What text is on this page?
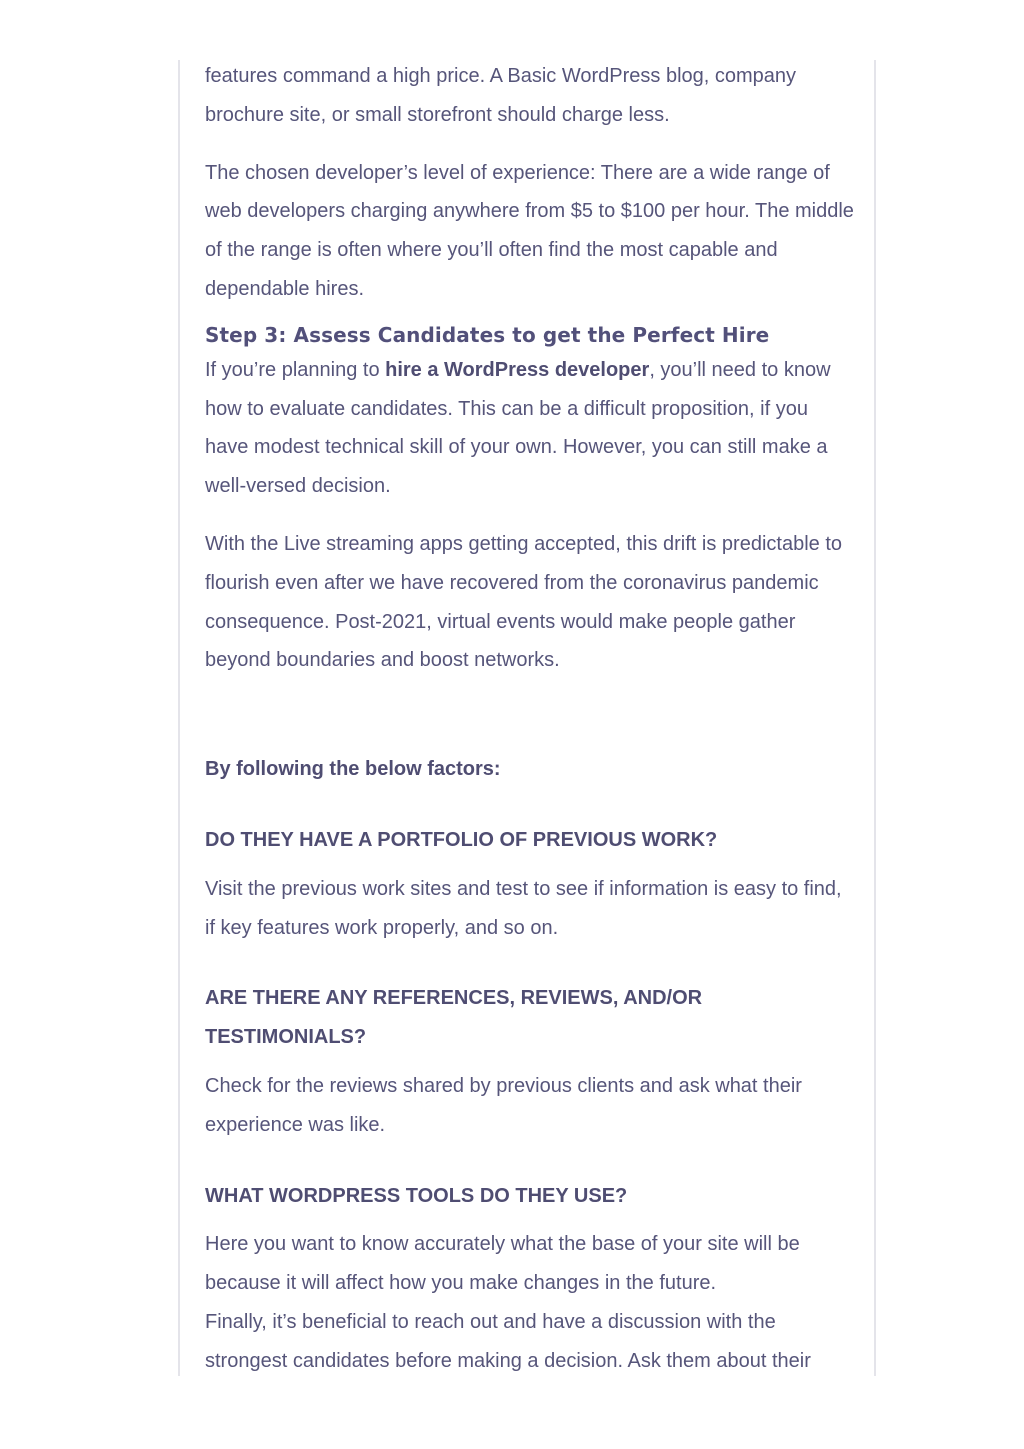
features command a high price. A Basic WordPress blog, company brochure site, or small storefront should charge less.

The chosen developer’s level of experience: There are a wide range of web developers charging anywhere from $5 to $100 per hour. The middle of the range is often where you’ll often find the most capable and dependable hires.

Step 3: Assess Candidates to get the Perfect Hire

If you’re planning to hire a WordPress developer, you’ll need to know how to evaluate candidates. This can be a difficult proposition, if you have modest technical skill of your own. However, you can still make a well-versed decision.

With the Live streaming apps getting accepted, this drift is predictable to flourish even after we have recovered from the coronavirus pandemic consequence. Post-2021, virtual events would make people gather beyond boundaries and boost networks.

By following the below factors:

DO THEY HAVE A PORTFOLIO OF PREVIOUS WORK?

Visit the previous work sites and test to see if information is easy to find, if key features work properly, and so on.

ARE THERE ANY REFERENCES, REVIEWS, AND/OR TESTIMONIALS?

Check for the reviews shared by previous clients and ask what their experience was like.

WHAT WORDPRESS TOOLS DO THEY USE?

Here you want to know accurately what the base of your site will be because it will affect how you make changes in the future.

Finally, it’s beneficial to reach out and have a discussion with the strongest candidates before making a decision. Ask them about their
